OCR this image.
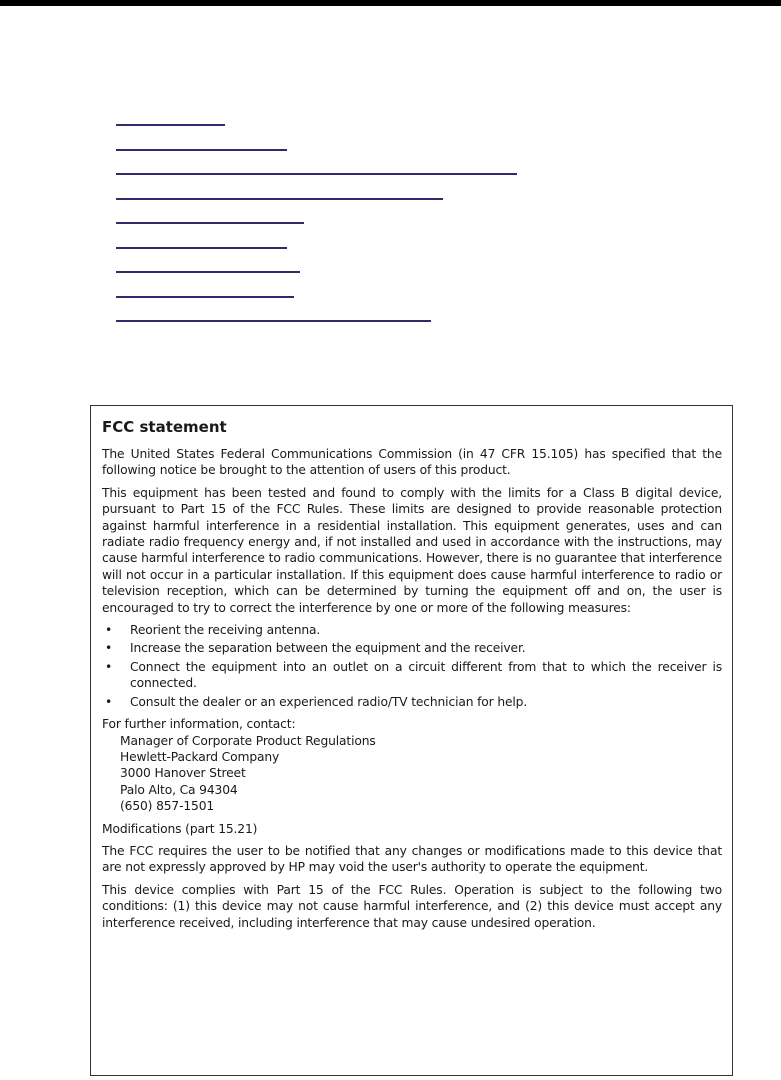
FCC statement

The United States Federal Communications Commission (in 47 CFR 15.105) has specified that the following notice be brought to the attention of users of this product.

This equipment has been tested and found to comply with the limits for a Class B digital device, pursuant to Part 15 of the FCC Rules. These limits are designed to provide reasonable protection against harmful interference in a residential installation. This equipment generates, uses and can radiate radio frequency energy and, if not installed and used in accordance with the instructions, may cause harmful interference to radio communications. However, there is no guarantee that interference will not occur in a particular installation. If this equipment does cause harmful interference to radio or television reception, which can be determined by turning the equipment off and on, the user is encouraged to try to correct the interference by one or more of the following measures:

• Reorient the receiving antenna.
• Increase the separation between the equipment and the receiver.
• Connect the equipment into an outlet on a circuit different from that to which the receiver is connected.
• Consult the dealer or an experienced radio/TV technician for help.
For further information, contact:
Manager of Corporate Product Regulations
Hewlett-Packard Company
3000 Hanover Street
Palo Alto, Ca 94304
(650) 857-1501

Modifications (part 15.21)

The FCC requires the user to be notified that any changes or modifications made to this device that are not expressly approved by HP may void the user's authority to operate the equipment.

This device complies with Part 15 of the FCC Rules. Operation is subject to the following two conditions: (1) this device may not cause harmful interference, and (2) this device must accept any interference received, including interference that may cause undesired operation.
